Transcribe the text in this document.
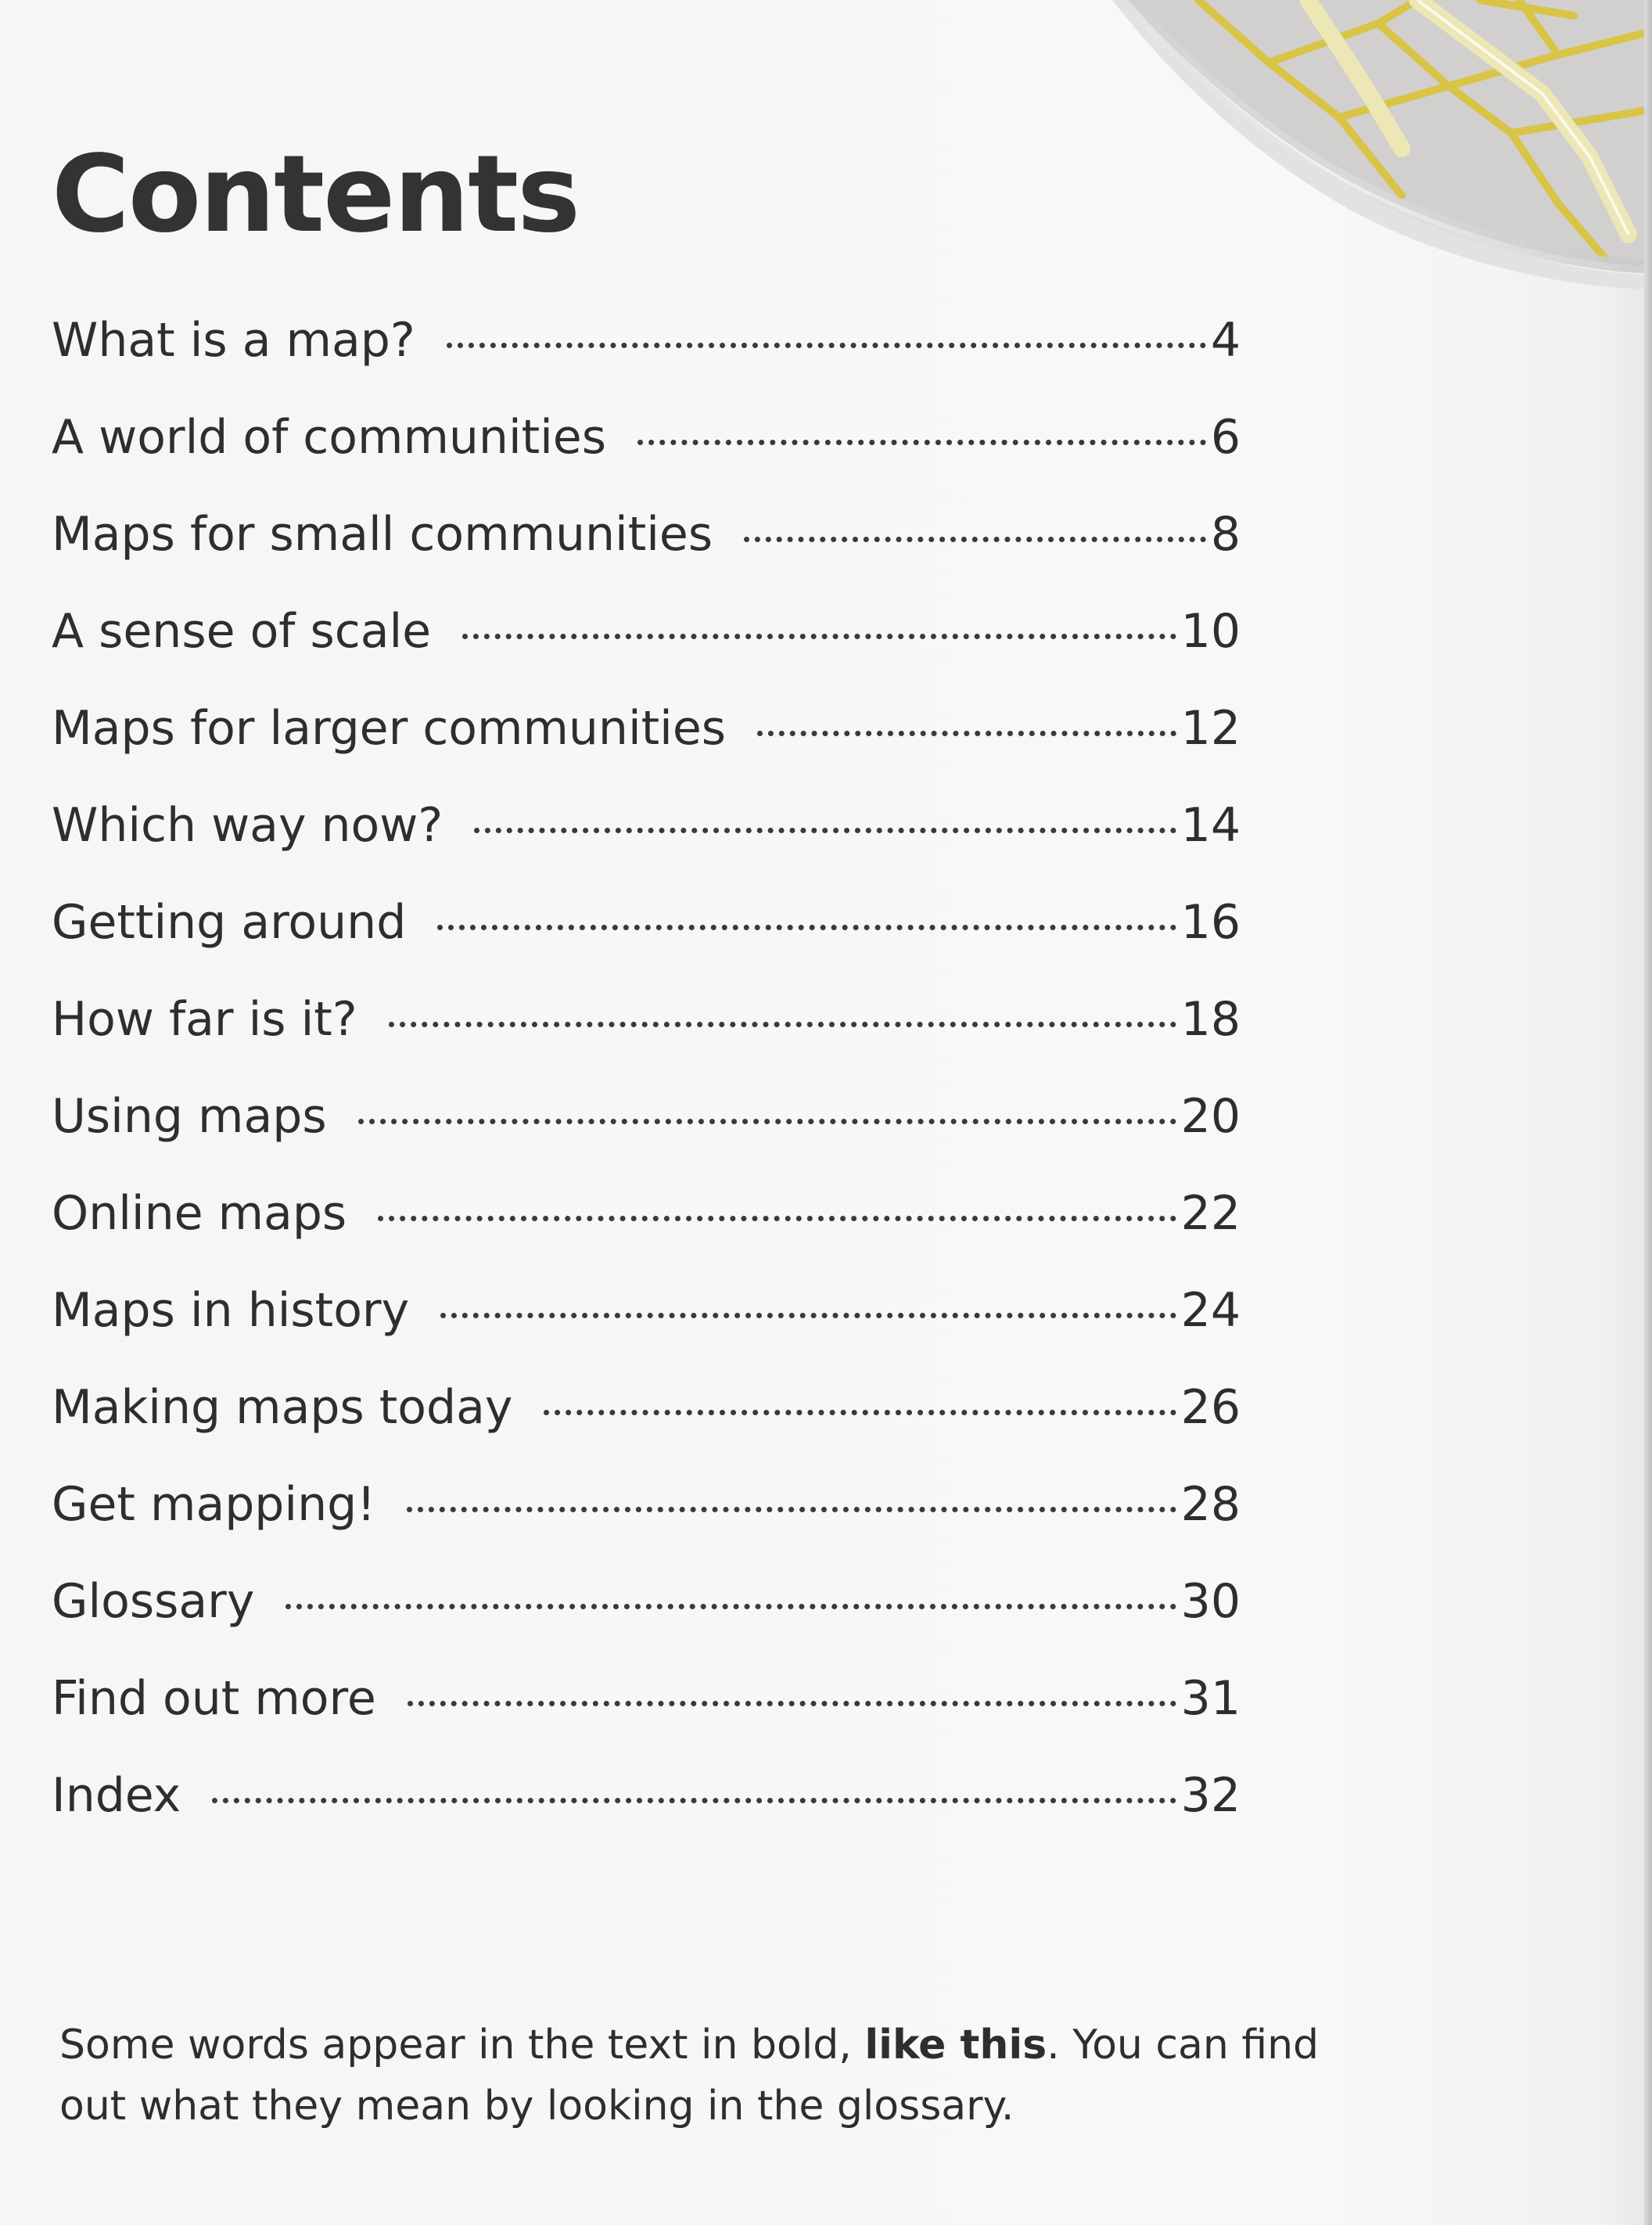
Contents
What is a map?	4
A world of communities	6
Maps for small communities	8
A sense of scale	10
Maps for larger communities	12
Which way now?	14
Getting around	16
How far is it?	18
Using maps	20
Online maps	22
Maps in history	24
Making maps today	26
Get mapping!	28
Glossary	30
Find out more	31
Index	32

Some words appear in the text in bold, like this. You can find out what they mean by looking in the glossary.
